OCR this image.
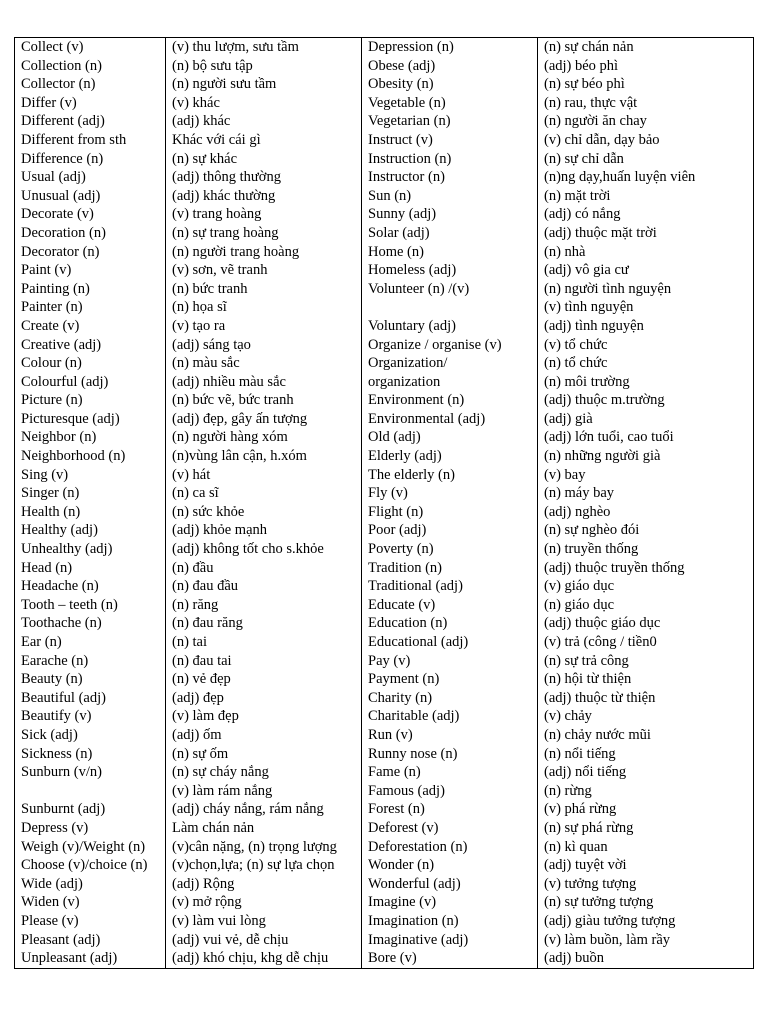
Collect (v)	(v) thu lượm, sưu tầm	Depression (n)	(n) sự chán nản
Collection (n)	(n) bộ sưu tập	Obese (adj)	(adj) béo phì
Collector (n)	(n) người sưu tầm	Obesity (n)	(n) sự béo phì
Differ (v)	(v) khác	Vegetable (n)	(n) rau, thực vật
Different (adj)	(adj) khác	Vegetarian (n)	(n) người ăn chay
Different from sth	Khác với cái gì	Instruct (v)	(v) chỉ dẫn, dạy bảo
Difference (n)	(n) sự khác	Instruction (n)	(n) sự chỉ dẫn
Usual (adj)	(adj) thông thường	Instructor (n)	(n)ng dạy,huấn luyện viên
Unusual (adj)	(adj) khác thường	Sun (n)	(n) mặt trời
Decorate (v)	(v) trang hoàng	Sunny (adj)	(adj) có nắng
Decoration (n)	(n) sự trang hoàng	Solar (adj)	(adj) thuộc mặt trời
Decorator (n)	(n) người trang hoàng	Home (n)	(n) nhà
Paint (v)	(v) sơn, vẽ tranh	Homeless (adj)	(adj) vô gia cư
Painting (n)	(n) bức tranh	Volunteer (n) /(v)	(n) người tình nguyện
Painter (n)	(n) họa sĩ		(v) tình nguyện
Create (v)	(v) tạo ra	Voluntary (adj)	(adj) tình nguyện
Creative (adj)	(adj) sáng tạo	Organize / organise (v)	(v) tổ chức
Colour (n)	(n) màu sắc	Organization/	(n) tổ chức
Colourful (adj)	(adj) nhiều màu sắc	organization	(n) môi trường
Picture (n)	(n) bức vẽ, bức tranh	Environment (n)	(adj) thuộc m.trường
Picturesque (adj)	(adj) đẹp, gây ấn tượng	Environmental (adj)	(adj) già
Neighbor (n)	(n) người hàng xóm	Old (adj)	(adj) lớn tuổi, cao tuổi
Neighborhood (n)	(n)vùng lân cận, h.xóm	Elderly (adj)	(n) những người già
Sing (v)	(v) hát	The elderly (n)	(v) bay
Singer (n)	(n) ca sĩ	Fly (v)	(n) máy bay
Health (n)	(n) sức khỏe	Flight (n)	(adj) nghèo
Healthy (adj)	(adj) khỏe mạnh	Poor (adj)	(n) sự nghèo đói
Unhealthy (adj)	(adj) không tốt cho s.khỏe	Poverty (n)	(n) truyền thống
Head (n)	(n) đầu	Tradition (n)	(adj) thuộc truyền thống
Headache (n)	(n) đau đầu	Traditional (adj)	(v) giáo dục
Tooth – teeth (n)	(n) răng	Educate (v)	(n) giáo dục
Toothache (n)	(n) đau răng	Education (n)	(adj) thuộc giáo dục
Ear (n)	(n) tai	Educational (adj)	(v) trả (công / tiền0
Earache (n)	(n) đau tai	Pay (v)	(n) sự trả công
Beauty (n)	(n) vẻ đẹp	Payment (n)	(n) hội từ thiện
Beautiful (adj)	(adj) đẹp	Charity (n)	(adj) thuộc từ thiện
Beautify (v)	(v) làm đẹp	Charitable (adj)	(v) chảy
Sick (adj)	(adj) ốm	Run (v)	(n) chảy nước mũi
Sickness (n)	(n) sự ốm	Runny nose (n)	(n) nổi tiếng
Sunburn (v/n)	(n) sự cháy nắng	Fame (n)	(adj) nổi tiếng
	(v) làm rám nắng	Famous (adj)	(n) rừng
Sunburnt (adj)	(adj) cháy nắng, rám nắng	Forest (n)	(v) phá rừng
Depress (v)	Làm chán nản	Deforest (v)	(n) sự phá rừng
Weigh (v)/Weight (n)	(v)cân nặng, (n) trọng lượng	Deforestation (n)	(n) kì quan
Choose (v)/choice (n)	(v)chọn,lựa; (n) sự lựa chọn	Wonder (n)	(adj) tuyệt vời
Wide (adj)	(adj) Rộng	Wonderful (adj)	(v) tưởng tượng
Widen (v)	(v) mở rộng	Imagine (v)	(n) sự tưởng tượng
Please (v)	(v) làm vui lòng	Imagination (n)	(adj) giàu tưởng tượng
Pleasant (adj)	(adj) vui vẻ, dễ chịu	Imaginative (adj)	(v) làm buồn, làm rầy
Unpleasant (adj)	(adj) khó chịu, khg dễ chịu	Bore (v)	(adj) buồn
